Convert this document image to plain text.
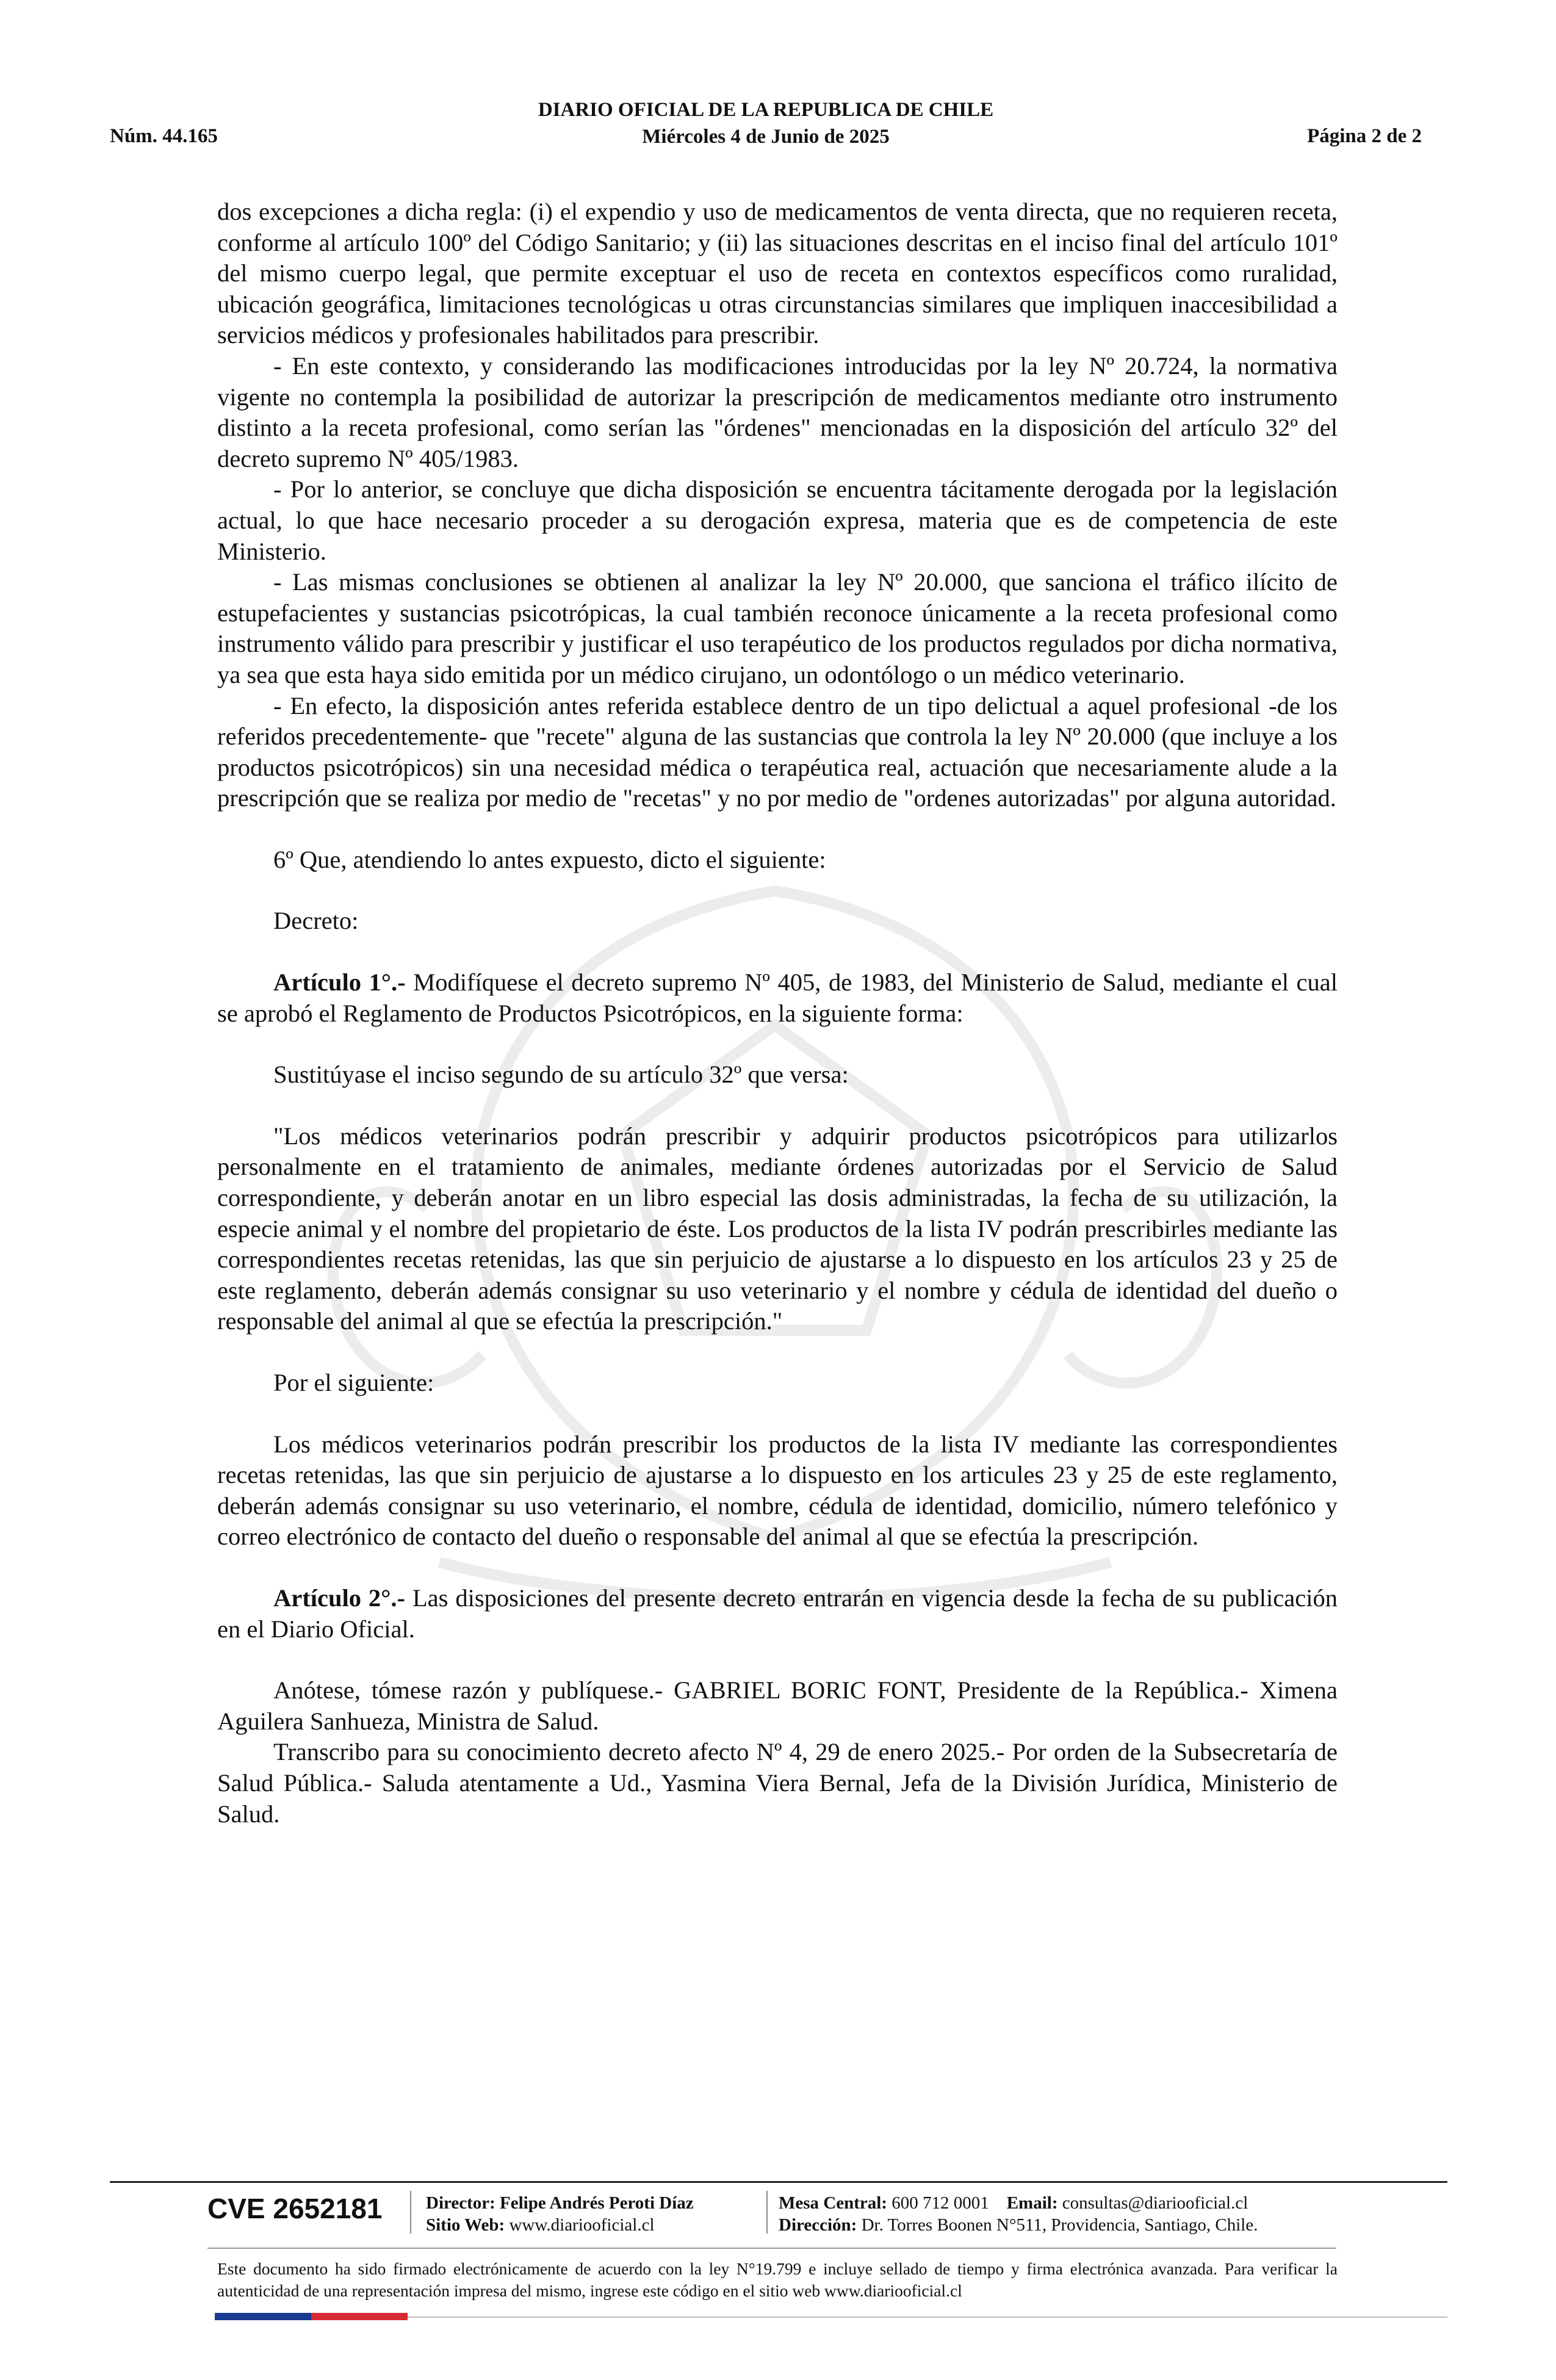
Núm. 44.165
DIARIO OFICIAL DE LA REPUBLICA DE CHILE
Miércoles 4 de Junio de 2025	Página 2 de 2

dos excepciones a dicha regla: (i) el expendio y uso de medicamentos de venta directa, que no requieren receta, conforme al artículo 100º del Código Sanitario; y (ii) las situaciones descritas en el inciso final del artículo 101º del mismo cuerpo legal, que permite exceptuar el uso de receta en contextos específicos como ruralidad, ubicación geográfica, limitaciones tecnológicas u otras circunstancias similares que impliquen inaccesibilidad a servicios médicos y profesionales habilitados para prescribir.

- En este contexto, y considerando las modificaciones introducidas por la ley Nº 20.724, la normativa vigente no contempla la posibilidad de autorizar la prescripción de medicamentos mediante otro instrumento distinto a la receta profesional, como serían las "órdenes" mencionadas en la disposición del artículo 32º del decreto supremo Nº 405/1983.

- Por lo anterior, se concluye que dicha disposición se encuentra tácitamente derogada por la legislación actual, lo que hace necesario proceder a su derogación expresa, materia que es de competencia de este Ministerio.

- Las mismas conclusiones se obtienen al analizar la ley Nº 20.000, que sanciona el tráfico ilícito de estupefacientes y sustancias psicotrópicas, la cual también reconoce únicamente a la receta profesional como instrumento válido para prescribir y justificar el uso terapéutico de los productos regulados por dicha normativa, ya sea que esta haya sido emitida por un médico cirujano, un odontólogo o un médico veterinario.

- En efecto, la disposición antes referida establece dentro de un tipo delictual a aquel profesional -de los referidos precedentemente- que "recete" alguna de las sustancias que controla la ley Nº 20.000 (que incluye a los productos psicotrópicos) sin una necesidad médica o terapéutica real, actuación que necesariamente alude a la prescripción que se realiza por medio de "recetas" y no por medio de "ordenes autorizadas" por alguna autoridad.

6º Que, atendiendo lo antes expuesto, dicto el siguiente:

Decreto:

Artículo 1°.- Modifíquese el decreto supremo Nº 405, de 1983, del Ministerio de Salud, mediante el cual se aprobó el Reglamento de Productos Psicotrópicos, en la siguiente forma:

Sustitúyase el inciso segundo de su artículo 32º que versa:

"Los médicos veterinarios podrán prescribir y adquirir productos psicotrópicos para utilizarlos personalmente en el tratamiento de animales, mediante órdenes autorizadas por el Servicio de Salud correspondiente, y deberán anotar en un libro especial las dosis administradas, la fecha de su utilización, la especie animal y el nombre del propietario de éste. Los productos de la lista IV podrán prescribirles mediante las correspondientes recetas retenidas, las que sin perjuicio de ajustarse a lo dispuesto en los artículos 23 y 25 de este reglamento, deberán además consignar su uso veterinario y el nombre y cédula de identidad del dueño o responsable del animal al que se efectúa la prescripción."

Por el siguiente:

Los médicos veterinarios podrán prescribir los productos de la lista IV mediante las correspondientes recetas retenidas, las que sin perjuicio de ajustarse a lo dispuesto en los articules 23 y 25 de este reglamento, deberán además consignar su uso veterinario, el nombre, cédula de identidad, domicilio, número telefónico y correo electrónico de contacto del dueño o responsable del animal al que se efectúa la prescripción.

Artículo 2°.- Las disposiciones del presente decreto entrarán en vigencia desde la fecha de su publicación en el Diario Oficial.

Anótese, tómese razón y publíquese.- GABRIEL BORIC FONT, Presidente de la República.- Ximena Aguilera Sanhueza, Ministra de Salud.

Transcribo para su conocimiento decreto afecto Nº 4, 29 de enero 2025.- Por orden de la Subsecretaría de Salud Pública.- Saluda atentamente a Ud., Yasmina Viera Bernal, Jefa de la División Jurídica, Ministerio de Salud.

CVE 2652181 Director: Felipe Andrés Peroti Díaz
Sitio Web: www.diariooficial.cl
Mesa Central: 600 712 0001 Email: consultas@diariooficial.cl
Dirección: Dr. Torres Boonen N°511, Providencia, Santiago, Chile.
Este documento ha sido firmado electrónicamente de acuerdo con la ley N°19.799 e incluye sellado de tiempo y firma electrónica avanzada. Para verificar la autenticidad de una representación impresa del mismo, ingrese este código en el sitio web www.diariooficial.cl
